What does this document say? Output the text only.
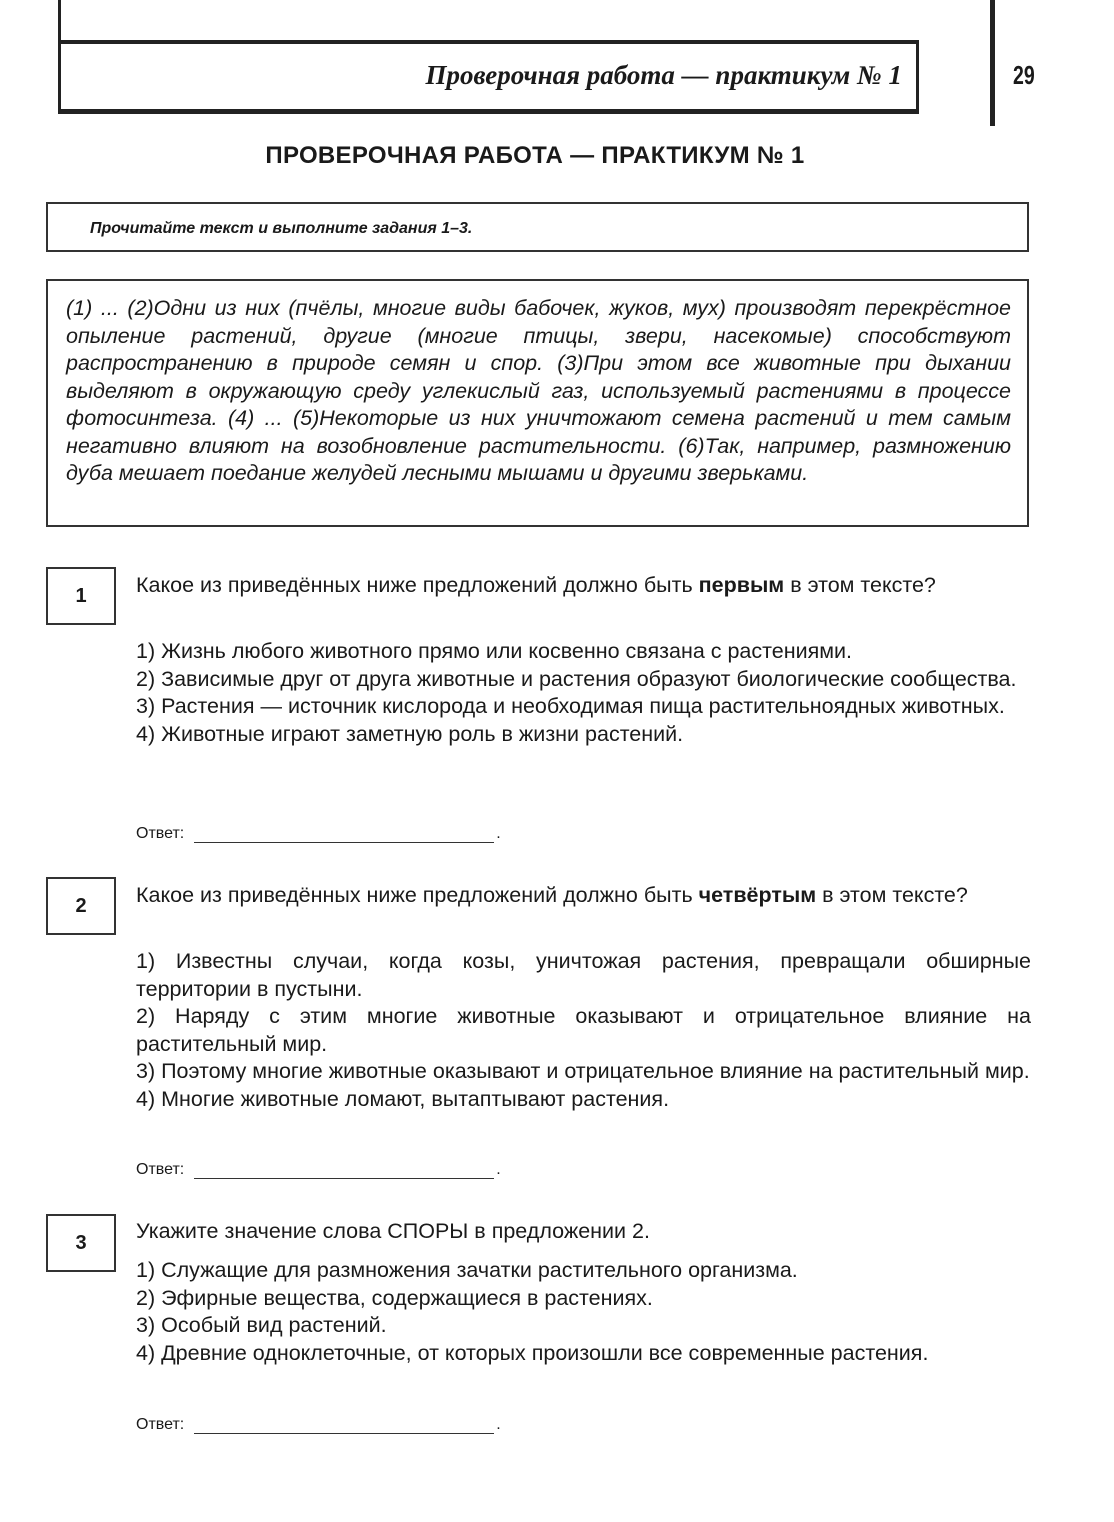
Проверочная работа — практикум № 1	29
ПРОВЕРОЧНАЯ РАБОТА — ПРАКТИКУМ № 1
Прочитайте текст и выполните задания 1–3.
(1) ... (2)Одни из них (пчёлы, многие виды бабочек, жуков, мух) производят перекрёстное опыление растений, другие (многие птицы, звери, насекомые) способствуют распространению в природе семян и спор. (3)При этом все животные при дыхании выделяют в окружающую среду углекислый газ, используемый растениями в процессе фотосинтеза. (4) ... (5)Некоторые из них уничтожают семена растений и тем самым негативно влияют на возобновление растительности. (6)Так, например, размножению дуба мешает поедание желудей лесными мышами и другими зверьками.
1	Какое из приведённых ниже предложений должно быть первым в этом тексте?
1) Жизнь любого животного прямо или косвенно связана с растениями.
2) Зависимые друг от друга животные и растения образуют биологические сообщества.
3) Растения — источник кислорода и необходимая пища растительноядных животных.
4) Животные играют заметную роль в жизни растений.
Ответ:	.
2	Какое из приведённых ниже предложений должно быть четвёртым в этом тексте?
1) Известны случаи, когда козы, уничтожая растения, превращали обширные территории в пустыни.
2) Наряду с этим многие животные оказывают и отрицательное влияние на растительный мир.
3) Поэтому многие животные оказывают и отрицательное влияние на растительный мир.
4) Многие животные ломают, вытаптывают растения.
Ответ:	.
3	Укажите значение слова СПОРЫ в предложении 2.
1) Служащие для размножения зачатки растительного организма.
2) Эфирные вещества, содержащиеся в растениях.
3) Особый вид растений.
4) Древние одноклеточные, от которых произошли все современные растения.
Ответ:	.
